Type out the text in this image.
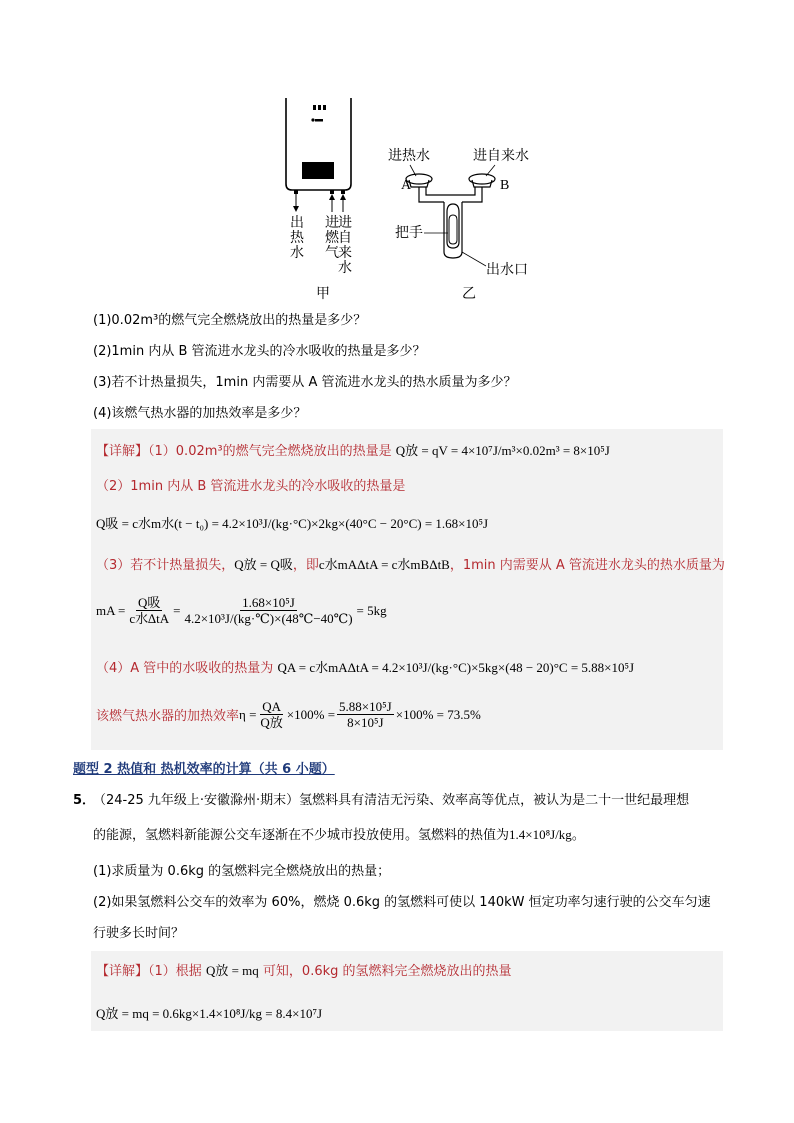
出热水
进燃气
进自来水
甲
进热水	进自来水
A	B
把手
出水口
乙
(1)0.02m³的燃气完全燃烧放出的热量是多少？
(2)1min 内从 B 管流进水龙头的冷水吸收的热量是多少？
(3)若不计热量损失，1min 内需要从 A 管流进水龙头的热水质量为多少？
(4)该燃气热水器的加热效率是多少？
【详解】（1）0.02m³的燃气完全燃烧放出的热量是 Q放 = qV = 4×10⁷J/m³×0.02m³ = 8×10⁵J
（2）1min 内从 B 管流进水龙头的冷水吸收的热量是
Q吸 = c水m水(t − t₀) = 4.2×10³J/(kg·°C)×2kg×(40°C − 20°C) = 1.68×10⁵J
（3）若不计热量损失，Q放 = Q吸，即c水mAΔtA = c水mBΔtB，1min 内需要从 A 管流进水龙头的热水质量为
mA = $\frac{\text{Q吸}}{\text{c水∆tA}} = \frac{\text{1.68×10⁵J}}{\text{4.2×10³J/(kg·℃)×(48℃−40℃)}} = 5kg$
（4）A 管中的水吸收的热量为 QA = c水mAΔtA = 4.2×10³J/(kg·°C)×5kg×(48 − 20)°C = 5.88×10⁵J
该燃气热水器的加热效率 $\eta = \frac{QA}{\text{Q放}} \times 100\% = \frac{\text{5.88×10⁵J}}{\text{8×10⁵J}} \times 100\% = 73.5\%$
题型 2 热值和 热机效率的计算（共 6 小题）
5．
（24-25 九年级上·安徽滁州·期末）氢燃料具有清洁无污染、效率高等优点，被认为是二十一世纪最理想
的能源，氢燃料新能源公交车逐渐在不少城市投放使用。氢燃料的热值为1.4×10⁸J/kg。
(1)求质量为 0.6kg 的氢燃料完全燃烧放出的热量；
(2)如果氢燃料公交车的效率为 60%，燃烧 0.6kg 的氢燃料可使以 140kW 恒定功率匀速行驶的公交车匀速
行驶多长时间？
【详解】（1）根据 Q放 = mq 可知，0.6kg 的氢燃料完全燃烧放出的热量
Q放 = mq = 0.6kg×1.4×10⁸J/kg = 8.4×10⁷J
